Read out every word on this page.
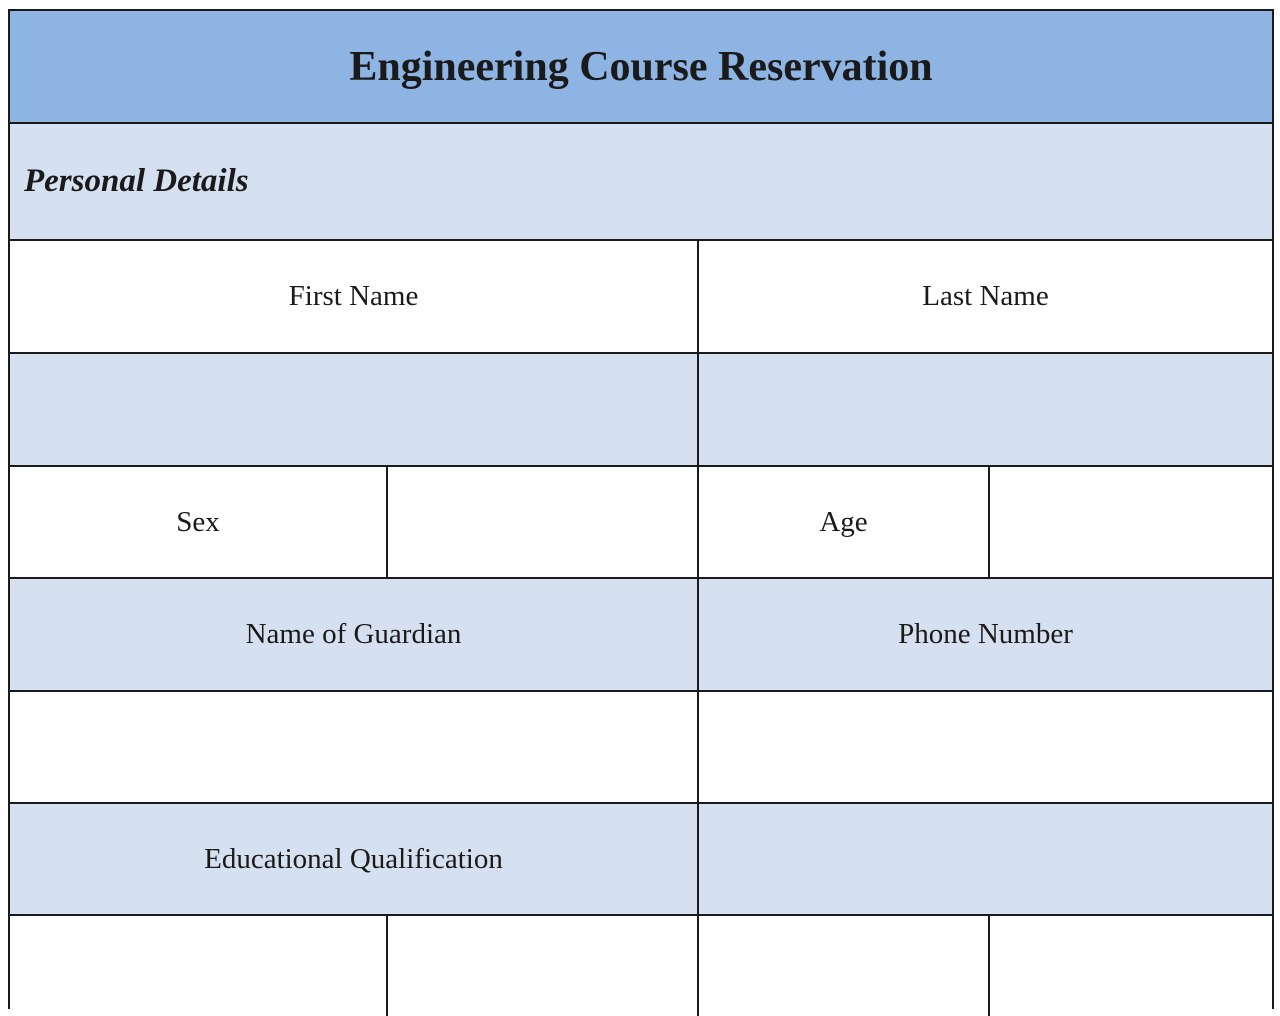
Engineering Course Reservation
Personal Details
First Name	Last Name
Sex	Age
Name of Guardian	Phone Number
Educational Qualification
